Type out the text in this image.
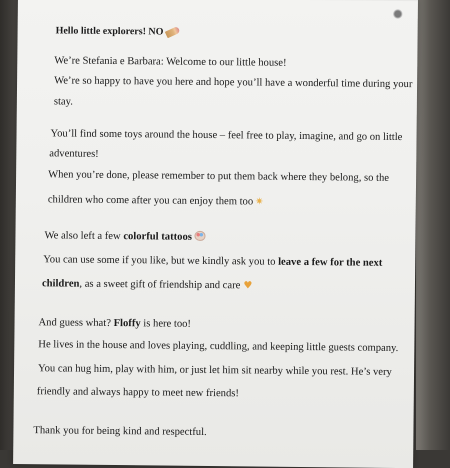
Hello little explorers! NO

We’re Stefania e Barbara: Welcome to our little house!

We’re so happy to have you here and hope you’ll have a wonderful time during your

stay.

You’ll find some toys around the house – feel free to play, imagine, and go on little

adventures!

When you’re done, please remember to put them back where they belong, so the

children who come after you can enjoy them too ✷

We also left a few colorful tattoos

You can use some if you like, but we kindly ask you to leave a few for the next

children, as a sweet gift of friendship and care ♥

And guess what? Floffy is here too!

He lives in the house and loves playing, cuddling, and keeping little guests company.

You can hug him, play with him, or just let him sit nearby while you rest. He’s very

friendly and always happy to meet new friends!

Thank you for being kind and respectful.
